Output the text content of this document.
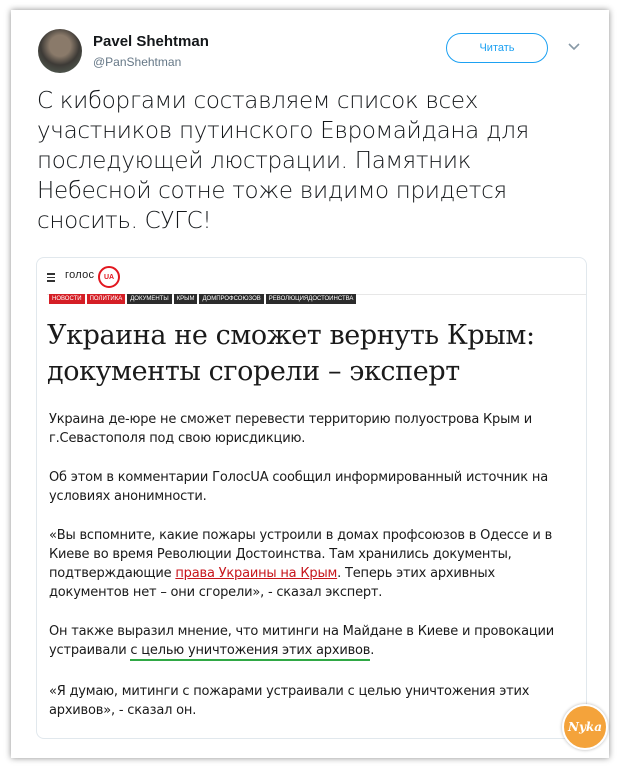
Pavel Shehtman
@PanShehtman
Читать
С киборгами составляем список всех участников путинского Евромайдана для последующей люстрации. Памятник Небесной сотне тоже видимо придется сносить. СУГС!
голос	UA
НОВОСТИ	ПОЛИТИКА	ДОКУМЕНТЫ	КРЫМ	ДОМПРОФСОЮЗОВ	РЕВОЛЮЦИЯДОСТОИНСТВА
Украина не сможет вернуть Крым: документы сгорели – эксперт
Украина де-юре не сможет перевести территорию полуострова Крым и г.Севастополя под свою юрисдикцию.
Об этом в комментарии ГолосUA сообщил информированный источник на условиях анонимности.
«Вы вспомните, какие пожары устроили в домах профсоюзов в Одессе и в Киеве во время Революции Достоинства. Там хранились документы, подтверждающие права Украины на Крым. Теперь этих архивных документов нет – они сгорели», - сказал эксперт.
Он также выразил мнение, что митинги на Майдане в Киеве и провокации устраивали с целью уничтожения этих архивов.
«Я думаю, митинги с пожарами устраивали с целью уничтожения этих архивов», - сказал он.
Nyka
